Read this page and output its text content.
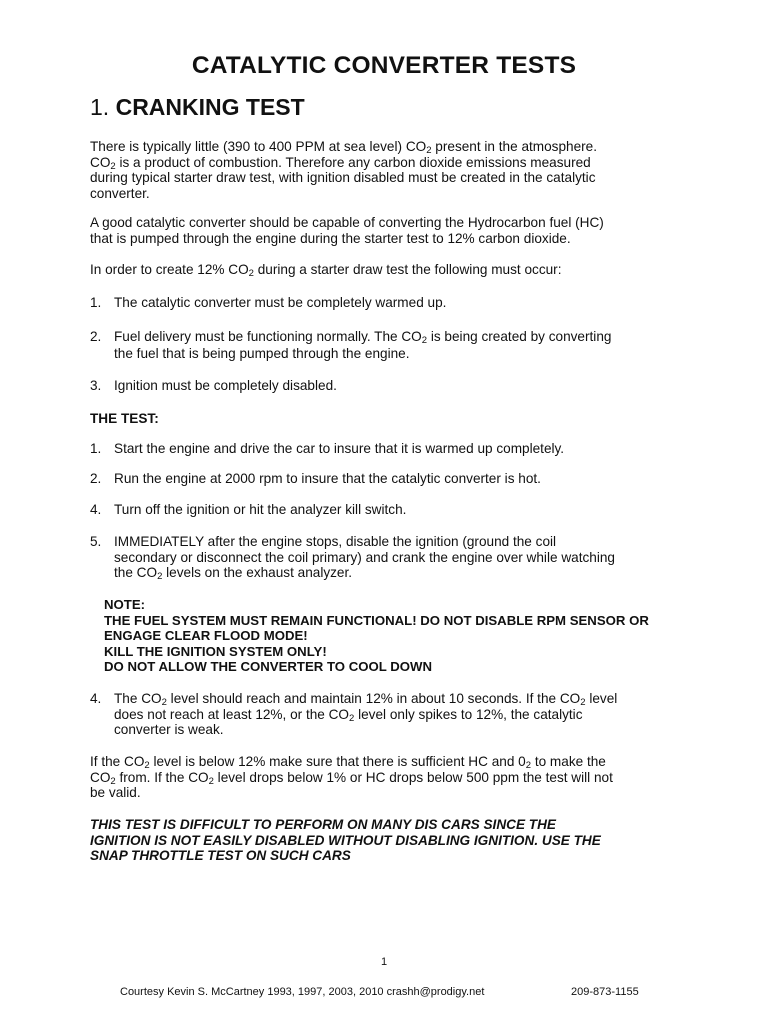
CATALYTIC CONVERTER TESTS
1. CRANKING TEST
There is typically little (390 to 400 PPM at sea level) $CO_2$ present in the atmosphere.
$CO_2$ is a product of combustion. Therefore any carbon dioxide emissions measured
during typical starter draw test, with ignition disabled must be created in the catalytic
converter.
A good catalytic converter should be capable of converting the Hydrocarbon fuel (HC)
that is pumped through the engine during the starter test to 12% carbon dioxide.
In order to create 12% $CO_2$ during a starter draw test the following must occur:
1. The catalytic converter must be completely warmed up.
2. Fuel delivery must be functioning normally. The $CO_2$ is being created by converting
the fuel that is being pumped through the engine.
3. Ignition must be completely disabled.
THE TEST:
1. Start the engine and drive the car to insure that it is warmed up completely.
2. Run the engine at 2000 rpm to insure that the catalytic converter is hot.
4. Turn off the ignition or hit the analyzer kill switch.
5. IMMEDIATELY after the engine stops, disable the ignition (ground the coil
secondary or disconnect the coil primary) and crank the engine over while watching
the $CO_2$ levels on the exhaust analyzer.
NOTE:
THE FUEL SYSTEM MUST REMAIN FUNCTIONAL! DO NOT DISABLE RPM SENSOR OR
ENGAGE CLEAR FLOOD MODE!
KILL THE IGNITION SYSTEM ONLY!
DO NOT ALLOW THE CONVERTER TO COOL DOWN
4. The $CO_2$ level should reach and maintain 12% in about 10 seconds. If the $CO_2$ level
does not reach at least 12%, or the $CO_2$ level only spikes to 12%, the catalytic
converter is weak.
If the $CO_2$ level is below 12% make sure that there is sufficient HC and $0_2$ to make the
$CO_2$ from. If the $CO_2$ level drops below 1% or HC drops below 500 ppm the test will not
be valid.
THIS TEST IS DIFFICULT TO PERFORM ON MANY DIS CARS SINCE THE
IGNITION IS NOT EASILY DISABLED WITHOUT DISABLING IGNITION. USE THE
SNAP THROTTLE TEST ON SUCH CARS
1
Courtesy Kevin S. McCartney 1993, 1997, 2003, 2010 crashh@prodigy.net	209-873-1155
